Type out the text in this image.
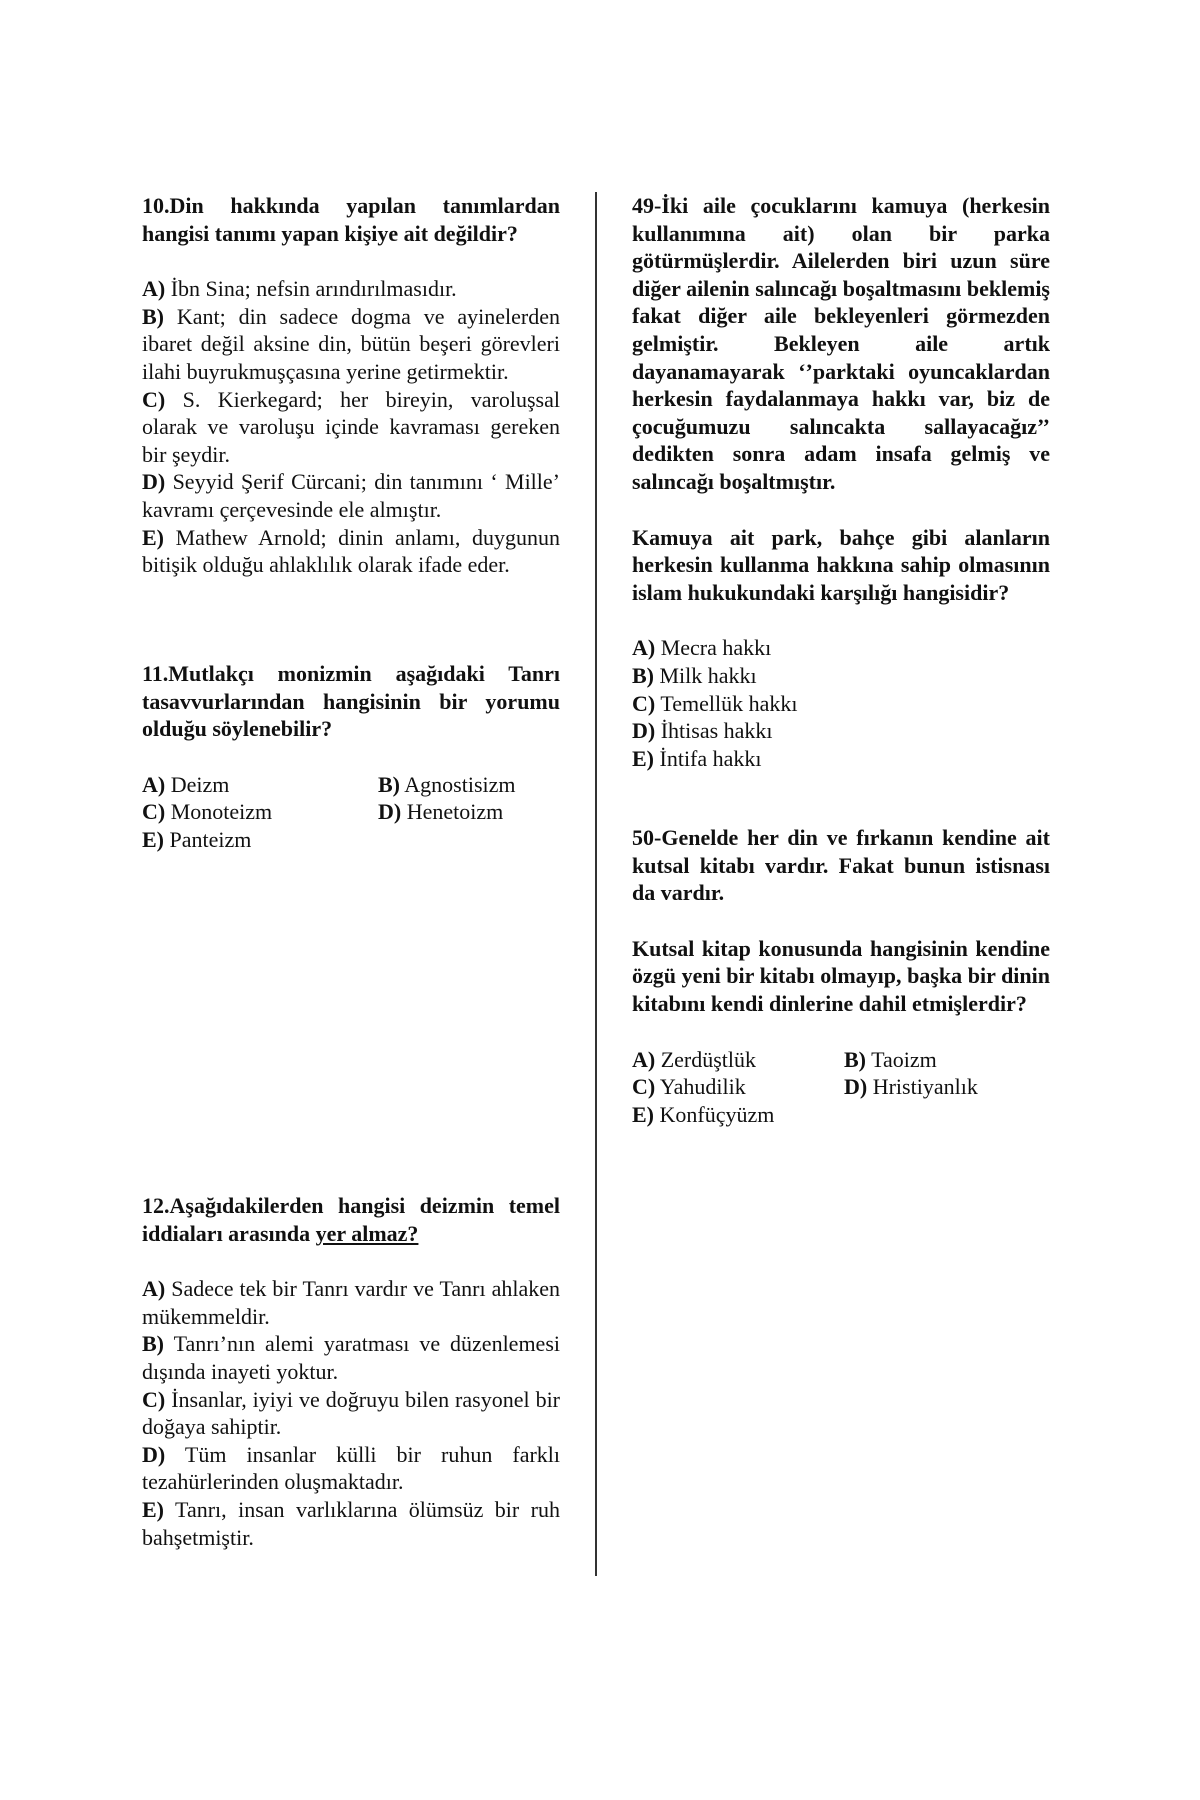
10.Din hakkında yapılan tanımlardan hangisi tanımı yapan kişiye ait değildir?

A) İbn Sina; nefsin arındırılmasıdır.

B) Kant; din sadece dogma ve ayinelerden ibaret değil aksine din, bütün beşeri görevleri ilahi buyrukmuşçasına yerine getirmektir.

C) S. Kierkegard; her bireyin, varoluşsal olarak ve varoluşu içinde kavraması gereken bir şeydir.

D) Seyyid Şerif Cürcani; din tanımını ‘ Mille’ kavramı çerçevesinde ele almıştır.

E) Mathew Arnold; dinin anlamı, duygunun bitişik olduğu ahlaklılık olarak ifade eder.

11.Mutlakçı monizmin aşağıdaki Tanrı tasavvurlarından hangisinin bir yorumu olduğu söylenebilir?

A) Deizm	B) Agnostisizm

C) Monoteizm	D) Henetoizm

E) Panteizm

12.Aşağıdakilerden hangisi deizmin temel iddiaları arasında yer almaz?

A) Sadece tek bir Tanrı vardır ve Tanrı ahlaken mükemmeldir.

B) Tanrı’nın alemi yaratması ve düzenlemesi dışında inayeti yoktur.

C) İnsanlar, iyiyi ve doğruyu bilen rasyonel bir doğaya sahiptir.

D) Tüm insanlar külli bir ruhun farklı tezahürlerinden oluşmaktadır.

E) Tanrı, insan varlıklarına ölümsüz bir ruh bahşetmiştir.

49-İki aile çocuklarını kamuya (herkesin kullanımına ait) olan bir parka götürmüşlerdir. Ailelerden biri uzun süre diğer ailenin salıncağı boşaltmasını beklemiş fakat diğer aile bekleyenleri görmezden gelmiştir. Bekleyen aile artık dayanamayarak ‘’parktaki oyuncaklardan herkesin faydalanmaya hakkı var, biz de çocuğumuzu salıncakta sallayacağız’’ dedikten sonra adam insafa gelmiş ve salıncağı boşaltmıştır.

Kamuya ait park, bahçe gibi alanların herkesin kullanma hakkına sahip olmasının islam hukukundaki karşılığı hangisidir?

A) Mecra hakkı

B) Milk hakkı

C) Temellük hakkı

D) İhtisas hakkı

E) İntifa hakkı

50-Genelde her din ve fırkanın kendine ait kutsal kitabı vardır. Fakat bunun istisnası da vardır.

Kutsal kitap konusunda hangisinin kendine özgü yeni bir kitabı olmayıp, başka bir dinin kitabını kendi dinlerine dahil etmişlerdir?

A) Zerdüştlük	B) Taoizm

C) Yahudilik	D) Hristiyanlık

E) Konfüçyüzm
